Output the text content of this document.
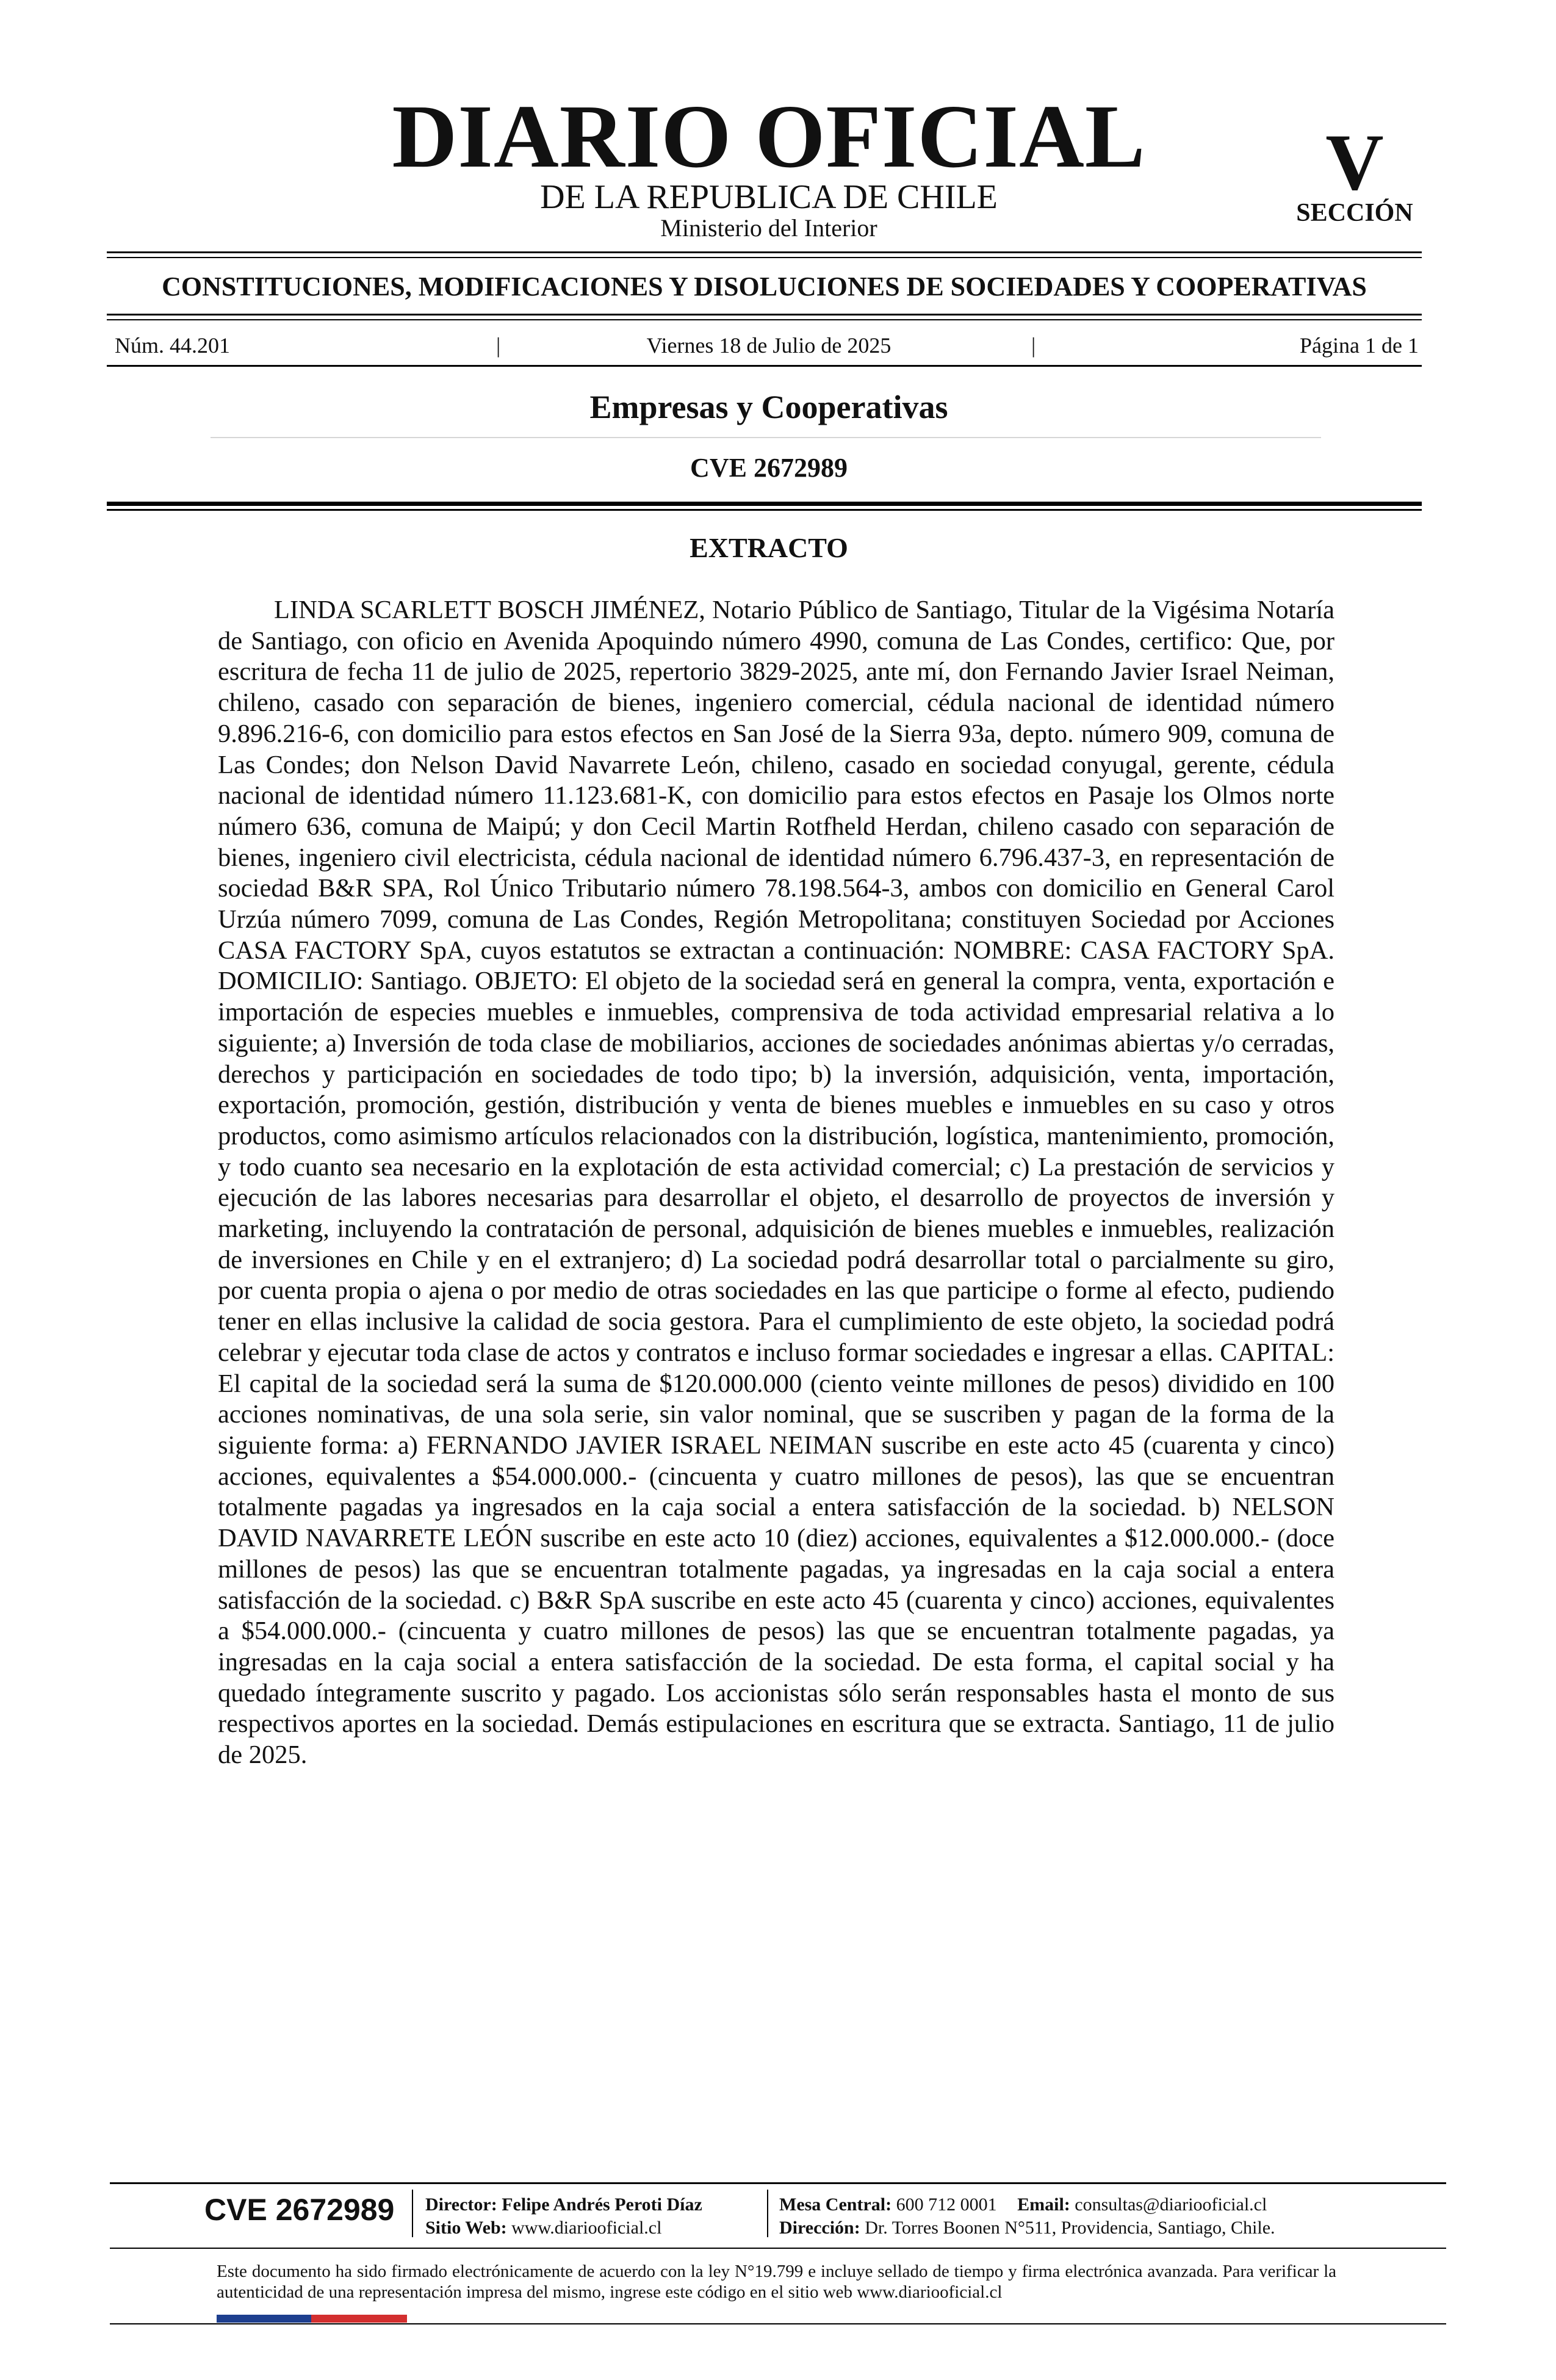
DIARIO OFICIAL
DE LA REPUBLICA DE CHILE
Ministerio del Interior
V
SECCIÓN
CONSTITUCIONES, MODIFICACIONES Y DISOLUCIONES DE SOCIEDADES Y COOPERATIVAS
Núm. 44.201	|	Viernes 18 de Julio de 2025	|	Página 1 de 1
Empresas y Cooperativas
CVE 2672989
EXTRACTO
LINDA SCARLETT BOSCH JIMÉNEZ, Notario Público de Santiago, Titular de la Vigésima Notaría de Santiago, con oficio en Avenida Apoquindo número 4990, comuna de Las Condes, certifico: Que, por escritura de fecha 11 de julio de 2025, repertorio 3829-2025, ante mí, don Fernando Javier Israel Neiman, chileno, casado con separación de bienes, ingeniero comercial, cédula nacional de identidad número 9.896.216-6, con domicilio para estos efectos en San José de la Sierra 93a, depto. número 909, comuna de Las Condes; don Nelson David Navarrete León, chileno, casado en sociedad conyugal, gerente, cédula nacional de identidad número 11.123.681-K, con domicilio para estos efectos en Pasaje los Olmos norte número 636, comuna de Maipú; y don Cecil Martin Rotfheld Herdan, chileno casado con separación de bienes, ingeniero civil electricista, cédula nacional de identidad número 6.796.437-3, en representación de sociedad B&R SPA, Rol Único Tributario número 78.198.564-3, ambos con domicilio en General Carol Urzúa número 7099, comuna de Las Condes, Región Metropolitana; constituyen Sociedad por Acciones CASA FACTORY SpA, cuyos estatutos se extractan a continuación: NOMBRE: CASA FACTORY SpA. DOMICILIO: Santiago. OBJETO: El objeto de la sociedad será en general la compra, venta, exportación e importación de especies muebles e inmuebles, comprensiva de toda actividad empresarial relativa a lo siguiente; a) Inversión de toda clase de mobiliarios, acciones de sociedades anónimas abiertas y/o cerradas, derechos y participación en sociedades de todo tipo; b) la inversión, adquisición, venta, importación, exportación, promoción, gestión, distribución y venta de bienes muebles e inmuebles en su caso y otros productos, como asimismo artículos relacionados con la distribución, logística, mantenimiento, promoción, y todo cuanto sea necesario en la explotación de esta actividad comercial; c) La prestación de servicios y ejecución de las labores necesarias para desarrollar el objeto, el desarrollo de proyectos de inversión y marketing, incluyendo la contratación de personal, adquisición de bienes muebles e inmuebles, realización de inversiones en Chile y en el extranjero; d) La sociedad podrá desarrollar total o parcialmente su giro, por cuenta propia o ajena o por medio de otras sociedades en las que participe o forme al efecto, pudiendo tener en ellas inclusive la calidad de socia gestora. Para el cumplimiento de este objeto, la sociedad podrá celebrar y ejecutar toda clase de actos y contratos e incluso formar sociedades e ingresar a ellas. CAPITAL: El capital de la sociedad será la suma de $120.000.000 (ciento veinte millones de pesos) dividido en 100 acciones nominativas, de una sola serie, sin valor nominal, que se suscriben y pagan de la forma de la siguiente forma: a) FERNANDO JAVIER ISRAEL NEIMAN suscribe en este acto 45 (cuarenta y cinco) acciones, equivalentes a $54.000.000.- (cincuenta y cuatro millones de pesos), las que se encuentran totalmente pagadas ya ingresados en la caja social a entera satisfacción de la sociedad. b) NELSON DAVID NAVARRETE LEÓN suscribe en este acto 10 (diez) acciones, equivalentes a $12.000.000.- (doce millones de pesos) las que se encuentran totalmente pagadas, ya ingresadas en la caja social a entera satisfacción de la sociedad. c) B&R SpA suscribe en este acto 45 (cuarenta y cinco) acciones, equivalentes a $54.000.000.- (cincuenta y cuatro millones de pesos) las que se encuentran totalmente pagadas, ya ingresadas en la caja social a entera satisfacción de la sociedad. De esta forma, el capital social y ha quedado íntegramente suscrito y pagado. Los accionistas sólo serán responsables hasta el monto de sus respectivos aportes en la sociedad. Demás estipulaciones en escritura que se extracta. Santiago, 11 de julio de 2025.
CVE 2672989 Director: Felipe Andrés Peroti Díaz
Sitio Web: www.diariooficial.cl
Mesa Central: 600 712 0001 Email: consultas@diariooficial.cl
Dirección: Dr. Torres Boonen N°511, Providencia, Santiago, Chile.
Este documento ha sido firmado electrónicamente de acuerdo con la ley N°19.799 e incluye sellado de tiempo y firma electrónica avanzada. Para verificar la autenticidad de una representación impresa del mismo, ingrese este código en el sitio web www.diariooficial.cl
